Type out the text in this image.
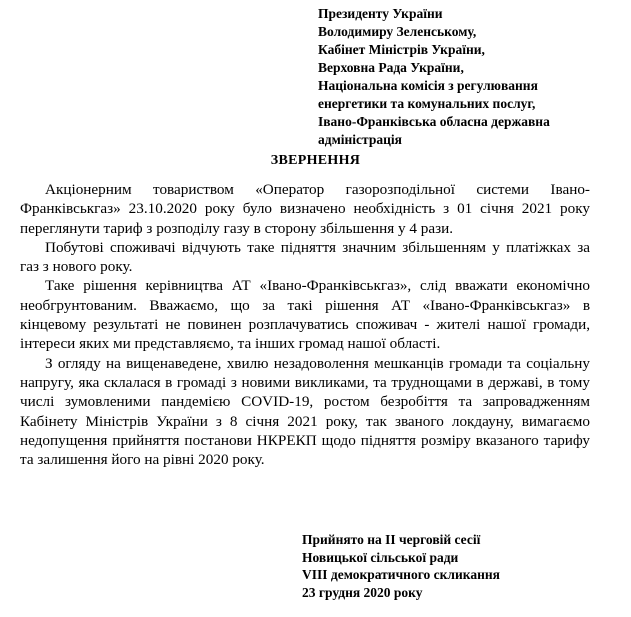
Президенту України
Володимиру Зеленському,
Кабінет Міністрів України,
Верховна Рада України,
Національна комісія з регулювання
енергетики та комунальних послуг,
Івано-Франківська обласна державна
адміністрація
ЗВЕРНЕННЯ

Акціонерним товариством «Оператор газорозподільної системи Івано-Франківськгаз» 23.10.2020 року було визначено необхідність з 01 січня 2021 року переглянути тариф з розподілу газу в сторону збільшення у 4 рази.

Побутові споживачі відчують таке підняття значним збільшенням у платіжках за газ з нового року.

Таке рішення керівництва АТ «Івано-Франківськгаз», слід вважати економічно необгрунтованим. Вважаємо, що за такі рішення АТ «Івано-Франківськгаз» в кінцевому результаті не повинен розплачуватись споживач - жителі нашої громади, інтереси яких ми представляємо, та інших громад нашої області.

З огляду на вищенаведене, хвилю незадоволення мешканців громади та соціальну напругу, яка склалася в громаді з новими викликами, та труднощами в державі, в тому числі зумовленими пандемією COVID-19, ростом безробіття та запровадженням Кабінету Міністрів України з 8 січня 2021 року, так званого локдауну, вимагаємо недопущення прийняття постанови НКРЕКП щодо підняття розміру вказаного тарифу та залишення його на рівні 2020 року.

Прийнято на ІІ черговій сесії
Новицької сільської ради
VIII демократичного скликання
23 грудня 2020 року
